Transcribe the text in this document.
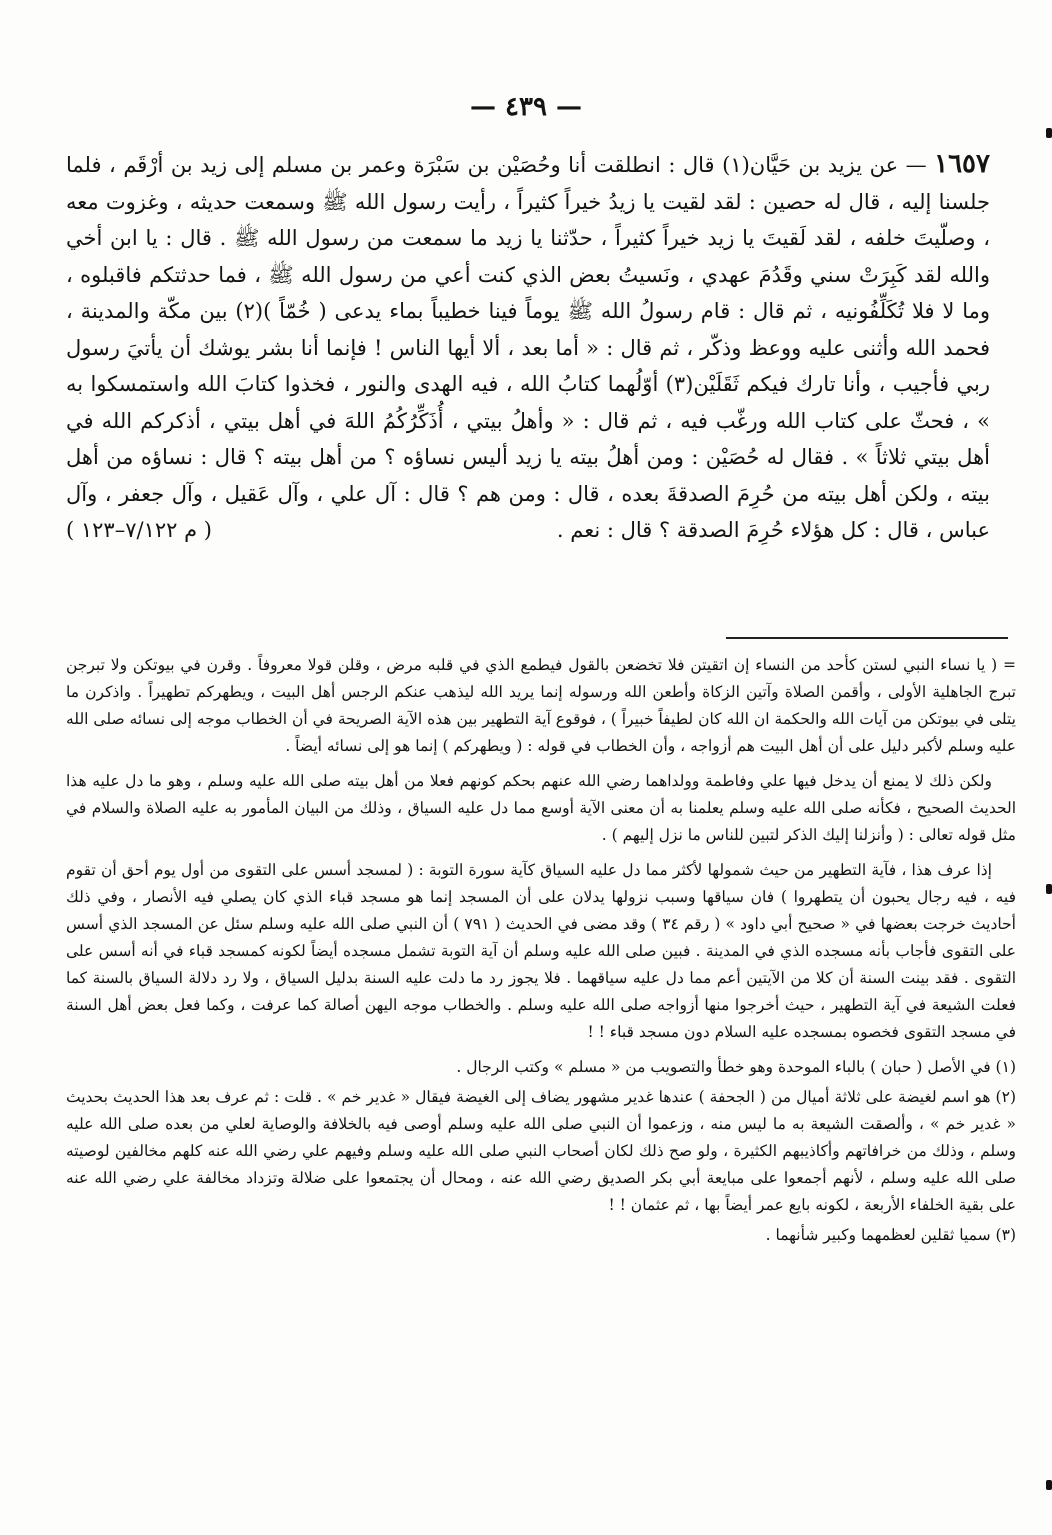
— ٤٣٩ —
١٦٥٧ — عن يزيد بن حَيَّان(١) قال : انطلقت أنا وحُصَيْن بن سَبْرَة وعمر بن مسلم إلى زيد بن أرْقَم ، فلما جلسنا إليه ، قال له حصين : لقد لقيت يا زيدُ خيراً كثيراً ، رأيت رسول الله ﷺ وسمعت حديثه ، وغزوت معه ، وصلّيتَ خلفه ، لقد لَقيتَ يا زيد خيراً كثيراً ، حدّثنا يا زيد ما سمعت من رسول الله ﷺ . قال : يا ابن أخي والله لقد كَبِرَتْ سني وقَدُمَ عهدي ، ونَسيتُ بعض الذي كنت أعي من رسول الله ﷺ ، فما حدثتكم فاقبلوه ، وما لا فلا تُكَلِّفُونيه ، ثم قال : قام رسولُ الله ﷺ يوماً فينا خطيباً بماء يدعى ( خُمّاً )(٢) بين مكّة والمدينة ، فحمد الله وأثنى عليه ووعظ وذكّر ، ثم قال : « أما بعد ، ألا أيها الناس ! فإنما أنا بشر يوشك أن يأتيَ رسول ربي فأجيب ، وأنا تارك فيكم ثَقَلَيْن(٣) أوّلُهما كتابُ الله ، فيه الهدى والنور ، فخذوا كتابَ الله واستمسكوا به » ، فحثّ على كتاب الله ورغّب فيه ، ثم قال : « وأهلُ بيتي ، أُذَكِّرُكُمُ اللهَ في أهل بيتي ، أذكركم الله في أهل بيتي ثلاثاً » . فقال له حُصَيْن : ومن أهلُ بيته يا زيد أليس نساؤه ؟ من أهل بيته ؟ قال : نساؤه من أهل بيته ، ولكن أهل بيته من حُرِمَ الصدقةَ بعده ، قال : ومن هم ؟ قال : آل علي ، وآل عَقيل ، وآل جعفر ، وآل عباس ، قال : كل هؤلاء حُرِمَ الصدقة ؟ قال : نعم .
( م ٧/١٢٢–١٢٣ )

= ( يا نساء النبي لستن كأحد من النساء إن اتقيتن فلا تخضعن بالقول فيطمع الذي في قلبه مرض ، وقلن قولا معروفاً . وقرن في بيوتكن ولا تبرجن تبرج الجاهلية الأولى ، وأقمن الصلاة وآتين الزكاة وأطعن الله ورسوله إنما يريد الله ليذهب عنكم الرجس أهل البيت ، ويطهركم تطهيراً . واذكرن ما يتلى في بيوتكن من آيات الله والحكمة ان الله كان لطيفاً خبيراً ) ، فوقوع آية التطهير بين هذه الآية الصريحة في أن الخطاب موجه إلى نسائه صلى الله عليه وسلم لأكبر دليل على أن أهل البيت هم أزواجه ، وأن الخطاب في قوله : ( ويطهركم ) إنما هو إلى نسائه أيضاً .

ولكن ذلك لا يمنع أن يدخل فيها علي وفاطمة وولداهما رضي الله عنهم بحكم كونهم فعلا من أهل بيته صلى الله عليه وسلم ، وهو ما دل عليه هذا الحديث الصحيح ، فكأنه صلى الله عليه وسلم يعلمنا به أن معنى الآية أوسع مما دل عليه السياق ، وذلك من البيان المأمور به عليه الصلاة والسلام في مثل قوله تعالى : ( وأنزلنا إليك الذكر لتبين للناس ما نزل إليهم ) .

إذا عرف هذا ، فآية التطهير من حيث شمولها لأكثر مما دل عليه السياق كآية سورة التوبة : ( لمسجد أسس على التقوى من أول يوم أحق أن تقوم فيه ، فيه رجال يحبون أن يتطهروا ) فان سياقها وسبب نزولها يدلان على أن المسجد إنما هو مسجد قباء الذي كان يصلي فيه الأنصار ، وفي ذلك أحاديث خرجت بعضها في « صحيح أبي داود » ( رقم ٣٤ ) وقد مضى في الحديث ( ٧٩١ ) أن النبي صلى الله عليه وسلم سئل عن المسجد الذي أسس على التقوى فأجاب بأنه مسجده الذي في المدينة . فبين صلى الله عليه وسلم أن آية التوبة تشمل مسجده أيضاً لكونه كمسجد قباء في أنه أسس على التقوى . فقد بينت السنة أن كلا من الآيتين أعم مما دل عليه سياقهما . فلا يجوز رد ما دلت عليه السنة بدليل السياق ، ولا رد دلالة السياق بالسنة كما فعلت الشيعة في آية التطهير ، حيث أخرجوا منها أزواجه صلى الله عليه وسلم . والخطاب موجه اليهن أصالة كما عرفت ، وكما فعل بعض أهل السنة في مسجد التقوى فخصوه بمسجده عليه السلام دون مسجد قباء ! !

(١) في الأصل ( حبان ) بالباء الموحدة وهو خطأ والتصويب من « مسلم » وكتب الرجال .

(٢) هو اسم لغيضة على ثلاثة أميال من ( الجحفة ) عندها غدير مشهور يضاف إلى الغيضة فيقال « غدير خم » . قلت : ثم عرف بعد هذا الحديث بحديث « غدير خم » ، وألصقت الشيعة به ما ليس منه ، وزعموا أن النبي صلى الله عليه وسلم أوصى فيه بالخلافة والوصاية لعلي من بعده صلى الله عليه وسلم ، وذلك من خرافاتهم وأكاذيبهم الكثيرة ، ولو صح ذلك لكان أصحاب النبي صلى الله عليه وسلم وفيهم علي رضي الله عنه كلهم مخالفين لوصيته صلى الله عليه وسلم ، لأنهم أجمعوا على مبايعة أبي بكر الصديق رضي الله عنه ، ومحال أن يجتمعوا على ضلالة وتزداد مخالفة علي رضي الله عنه على بقية الخلفاء الأربعة ، لكونه بايع عمر أيضاً بها ، ثم عثمان ! !

(٣) سميا ثقلين لعظمهما وكبير شأنهما .
